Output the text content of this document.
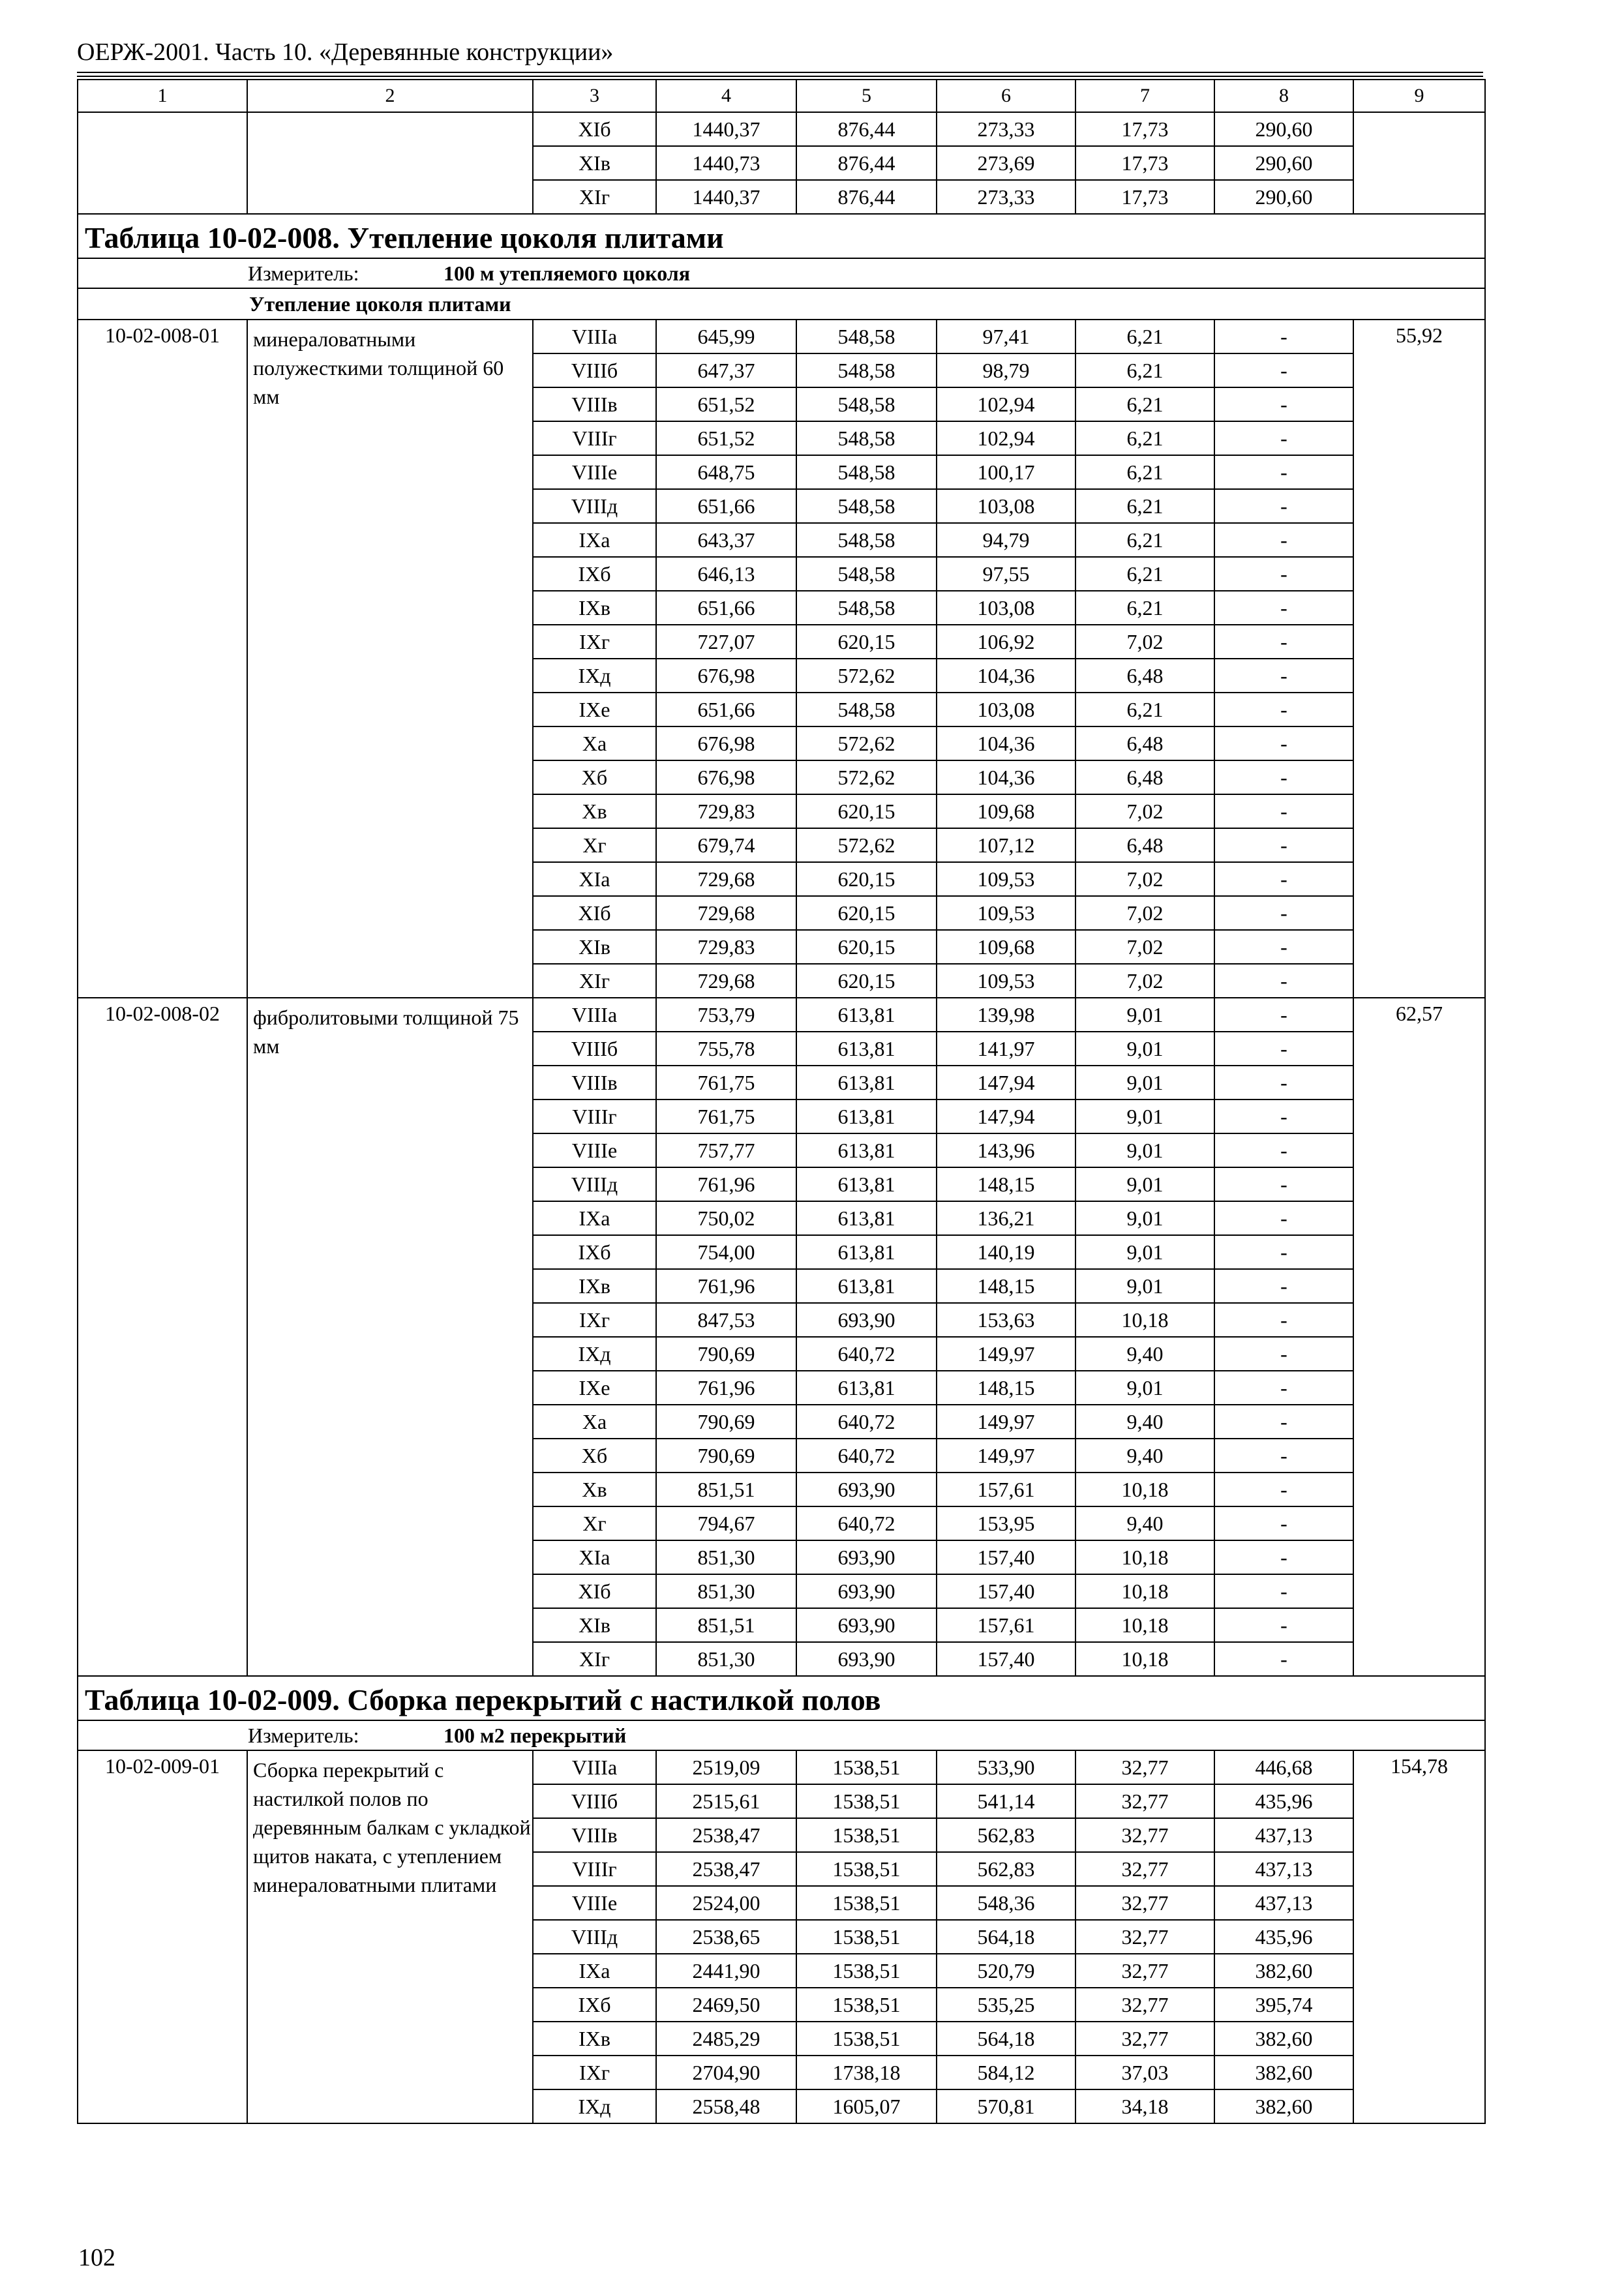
ОЕРЖ-2001. Часть 10. «Деревянные конструкции»
1	2	3	4	5	6	7	8	9
		XIб	1440,37	876,44	273,33	17,73	290,60	
		XIв	1440,73	876,44	273,69	17,73	290,60	
		XIг	1440,37	876,44	273,33	17,73	290,60	
Таблица 10-02-008. Утепление цоколя плитами								
Измеритель: 100 м утепляемого цоколя								
Утепление цоколя плитами								
10-02-008-01	минераловатными полужесткими толщиной 60 мм	VIIIа	645,99	548,58	97,41	6,21	-	55,92
		VIIIб	647,37	548,58	98,79	6,21	-	
		VIIIв	651,52	548,58	102,94	6,21	-	
		VIIIг	651,52	548,58	102,94	6,21	-	
		VIIIе	648,75	548,58	100,17	6,21	-	
		VIIIд	651,66	548,58	103,08	6,21	-	
		IXа	643,37	548,58	94,79	6,21	-	
		IXб	646,13	548,58	97,55	6,21	-	
		IXв	651,66	548,58	103,08	6,21	-	
		IXг	727,07	620,15	106,92	7,02	-	
		IXд	676,98	572,62	104,36	6,48	-	
		IXе	651,66	548,58	103,08	6,21	-	
		Xа	676,98	572,62	104,36	6,48	-	
		Xб	676,98	572,62	104,36	6,48	-	
		Xв	729,83	620,15	109,68	7,02	-	
		Xг	679,74	572,62	107,12	6,48	-	
		XIа	729,68	620,15	109,53	7,02	-	
		XIб	729,68	620,15	109,53	7,02	-	
		XIв	729,83	620,15	109,68	7,02	-	
		XIг	729,68	620,15	109,53	7,02	-	
10-02-008-02	фибролитовыми толщиной 75 мм	VIIIа	753,79	613,81	139,98	9,01	-	62,57
		VIIIб	755,78	613,81	141,97	9,01	-	
		VIIIв	761,75	613,81	147,94	9,01	-	
		VIIIг	761,75	613,81	147,94	9,01	-	
		VIIIе	757,77	613,81	143,96	9,01	-	
		VIIIд	761,96	613,81	148,15	9,01	-	
		IXа	750,02	613,81	136,21	9,01	-	
		IXб	754,00	613,81	140,19	9,01	-	
		IXв	761,96	613,81	148,15	9,01	-	
		IXг	847,53	693,90	153,63	10,18	-	
		IXд	790,69	640,72	149,97	9,40	-	
		IXе	761,96	613,81	148,15	9,01	-	
		Xа	790,69	640,72	149,97	9,40	-	
		Xб	790,69	640,72	149,97	9,40	-	
		Xв	851,51	693,90	157,61	10,18	-	
		Xг	794,67	640,72	153,95	9,40	-	
		XIа	851,30	693,90	157,40	10,18	-	
		XIб	851,30	693,90	157,40	10,18	-	
		XIв	851,51	693,90	157,61	10,18	-	
		XIг	851,30	693,90	157,40	10,18	-	
Таблица 10-02-009. Сборка перекрытий с настилкой полов								
Измеритель: 100 м2 перекрытий								
10-02-009-01	Сборка перекрытий с настилкой полов по деревянным балкам с укладкой щитов наката, с утеплением минераловатными плитами	VIIIа	2519,09	1538,51	533,90	32,77	446,68	154,78
		VIIIб	2515,61	1538,51	541,14	32,77	435,96	
		VIIIв	2538,47	1538,51	562,83	32,77	437,13	
		VIIIг	2538,47	1538,51	562,83	32,77	437,13	
		VIIIе	2524,00	1538,51	548,36	32,77	437,13	
		VIIIд	2538,65	1538,51	564,18	32,77	435,96	
		IXа	2441,90	1538,51	520,79	32,77	382,60	
		IXб	2469,50	1538,51	535,25	32,77	395,74	
		IXв	2485,29	1538,51	564,18	32,77	382,60	
		IXг	2704,90	1738,18	584,12	37,03	382,60	
		IXд	2558,48	1605,07	570,81	34,18	382,60	
102
